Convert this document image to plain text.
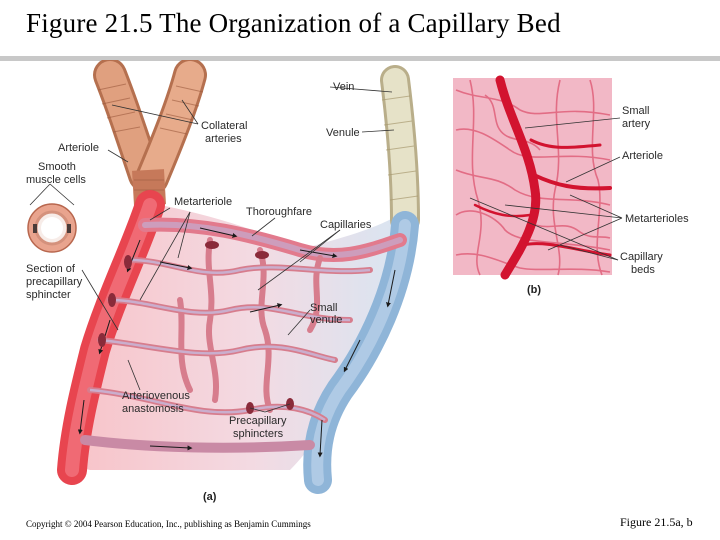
Figure 21.5 The Organization of a Capillary Bed
Vein
Collateral
arteries	Venule
Arteriole
Smooth
muscle cells
Metarteriole
Thoroughfare
Capillaries
Section of
precapillary
sphincter
Small
venule
Arteriovenous
anastomosis
Precapillary
sphincters
(a)
Small
artery
Arteriole
Metarterioles
Capillary
beds
(b)
Copyright © 2004 Pearson Education, Inc., publishing as Benjamin Cummings	Figure 21.5a, b
